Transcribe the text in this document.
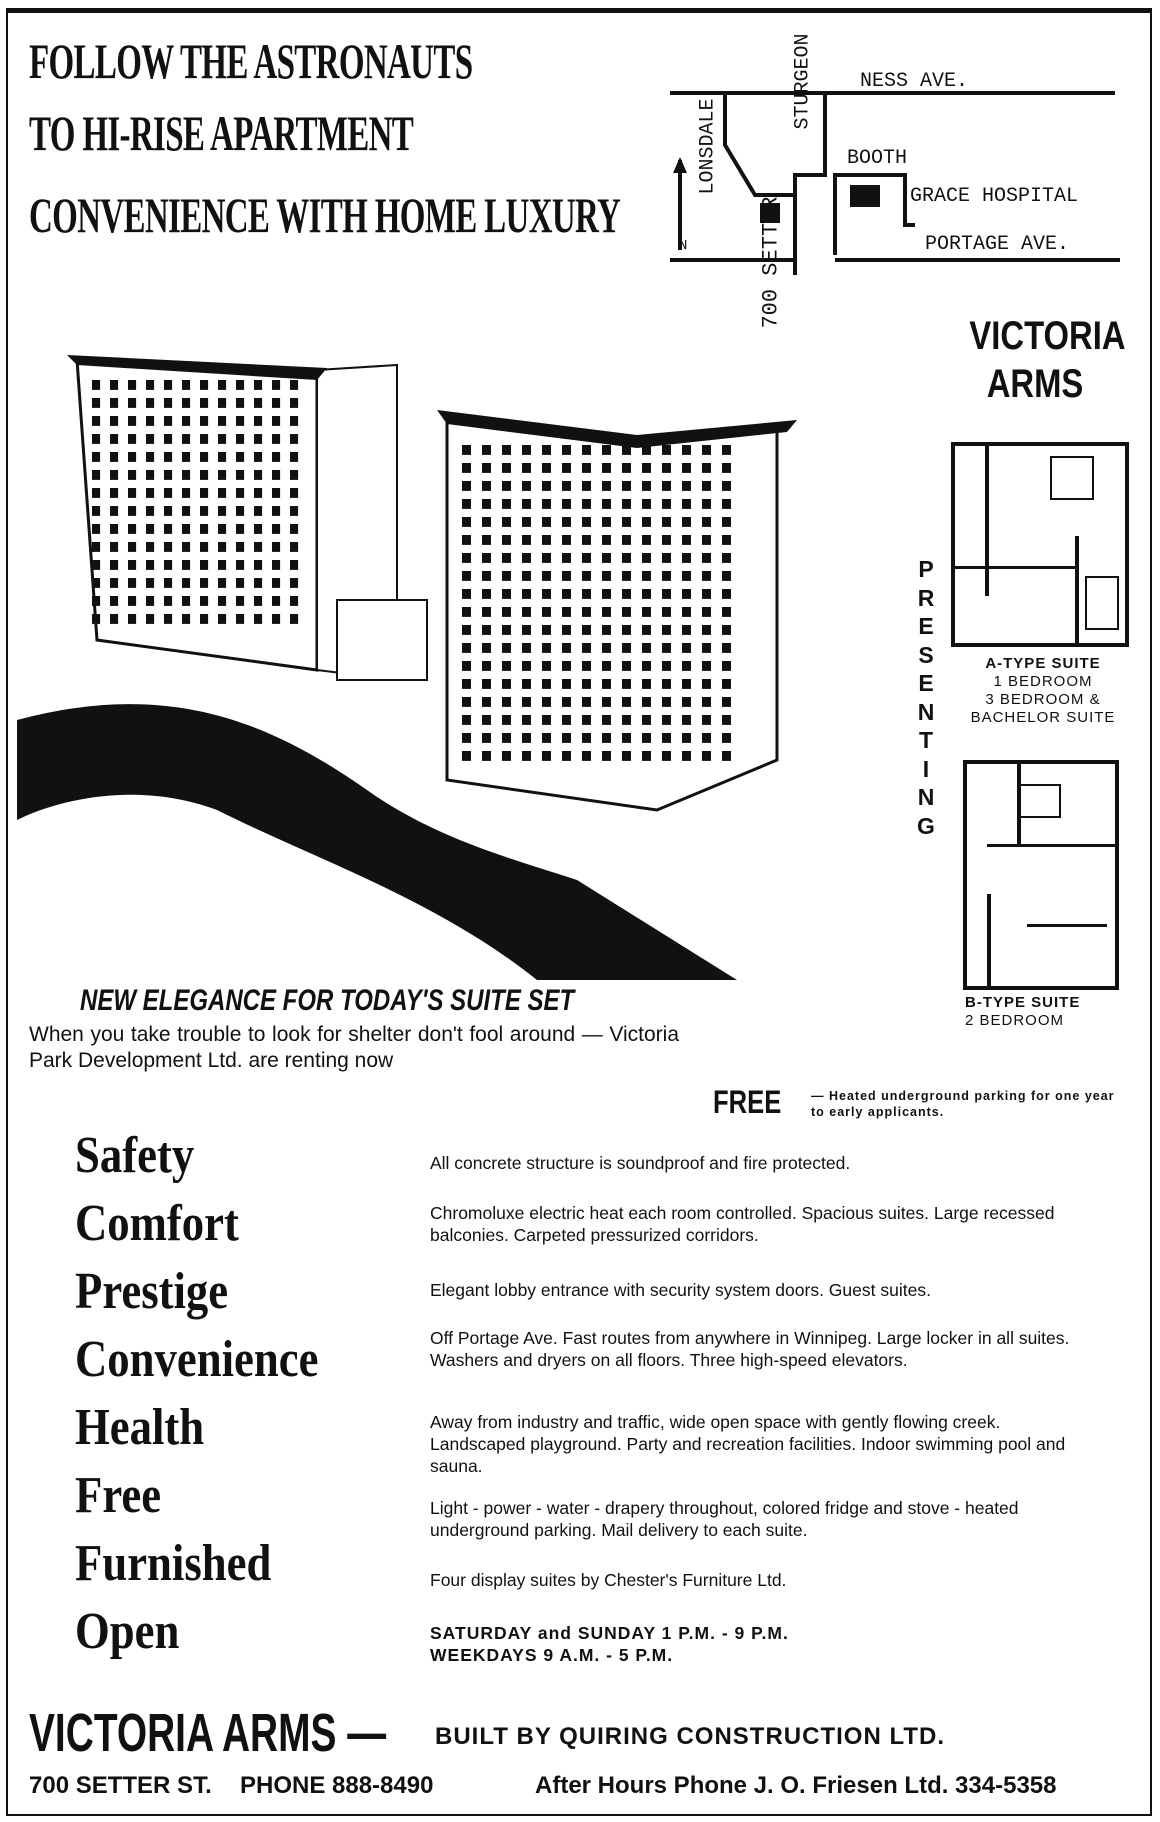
FOLLOW THE ASTRONAUTS
TO HI-RISE APARTMENT
CONVENIENCE WITH HOME LUXURY
NESS AVE.
BOOTH
GRACE HOSPITAL
PORTAGE AVE.
N
LONSDALE
STURGEON
700 SETTER
VICTORIA
ARMS
P
R
E
S
E
N
T
I
N
G
A-TYPE SUITE
1 BEDROOM
3 BEDROOM &
BACHELOR SUITE
B-TYPE SUITE
2 BEDROOM
NEW ELEGANCE FOR TODAY'S SUITE SET
When you take trouble to look for shelter don't fool around — Victoria Park Development Ltd. are renting now
FREE — Heated underground parking for one year to early applicants.
Safety
Comfort
Prestige
Convenience
Health
Free
Furnished
Open
All concrete structure is soundproof and fire protected.
Chromoluxe electric heat each room controlled. Spacious suites. Large recessed balconies. Carpeted pressurized corridors.
Elegant lobby entrance with security system doors. Guest suites.
Off Portage Ave. Fast routes from anywhere in Winnipeg. Large locker in all suites. Washers and dryers on all floors. Three high-speed elevators.
Away from industry and traffic, wide open space with gently flowing creek. Landscaped playground. Party and recreation facilities. Indoor swimming pool and sauna.
Light - power - water - drapery throughout, colored fridge and stove - heated underground parking. Mail delivery to each suite.
Four display suites by Chester's Furniture Ltd.
SATURDAY and SUNDAY 1 P.M. - 9 P.M.
WEEKDAYS 9 A.M. - 5 P.M.
VICTORIA ARMS — BUILT BY QUIRING CONSTRUCTION LTD.
700 SETTER ST. PHONE 888-8490	After Hours Phone J. O. Friesen Ltd. 334-5358
